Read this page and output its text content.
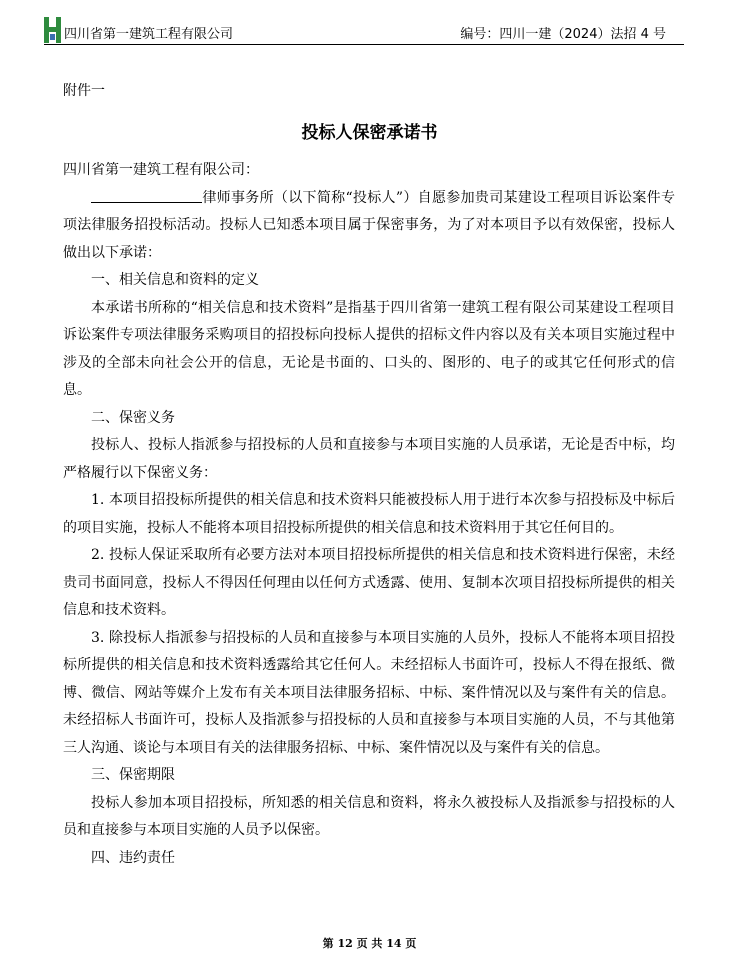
四川省第一建筑工程有限公司	编号：四川一建（2024）法招 4 号
附件一
投标人保密承诺书

四川省第一建筑工程有限公司：

律师事务所（以下简称“投标人”）自愿参加贵司某建设工程项目诉讼案件专项法律服务招投标活动。投标人已知悉本项目属于保密事务，为了对本项目予以有效保密，投标人做出以下承诺：

一、相关信息和资料的定义

本承诺书所称的“相关信息和技术资料”是指基于四川省第一建筑工程有限公司某建设工程项目诉讼案件专项法律服务采购项目的招投标向投标人提供的招标文件内容以及有关本项目实施过程中涉及的全部未向社会公开的信息，无论是书面的、口头的、图形的、电子的或其它任何形式的信息。

二、保密义务

投标人、投标人指派参与招投标的人员和直接参与本项目实施的人员承诺，无论是否中标，均严格履行以下保密义务：

1. 本项目招投标所提供的相关信息和技术资料只能被投标人用于进行本次参与招投标及中标后的项目实施，投标人不能将本项目招投标所提供的相关信息和技术资料用于其它任何目的。

2. 投标人保证采取所有必要方法对本项目招投标所提供的相关信息和技术资料进行保密，未经贵司书面同意，投标人不得因任何理由以任何方式透露、使用、复制本次项目招投标所提供的相关信息和技术资料。

3. 除投标人指派参与招投标的人员和直接参与本项目实施的人员外，投标人不能将本项目招投标所提供的相关信息和技术资料透露给其它任何人。未经招标人书面许可，投标人不得在报纸、微博、微信、网站等媒介上发布有关本项目法律服务招标、中标、案件情况以及与案件有关的信息。未经招标人书面许可，投标人及指派参与招投标的人员和直接参与本项目实施的人员，不与其他第三人沟通、谈论与本项目有关的法律服务招标、中标、案件情况以及与案件有关的信息。

三、保密期限

投标人参加本项目招投标，所知悉的相关信息和资料，将永久被投标人及指派参与招投标的人员和直接参与本项目实施的人员予以保密。

四、违约责任

第 12 页 共 14 页
